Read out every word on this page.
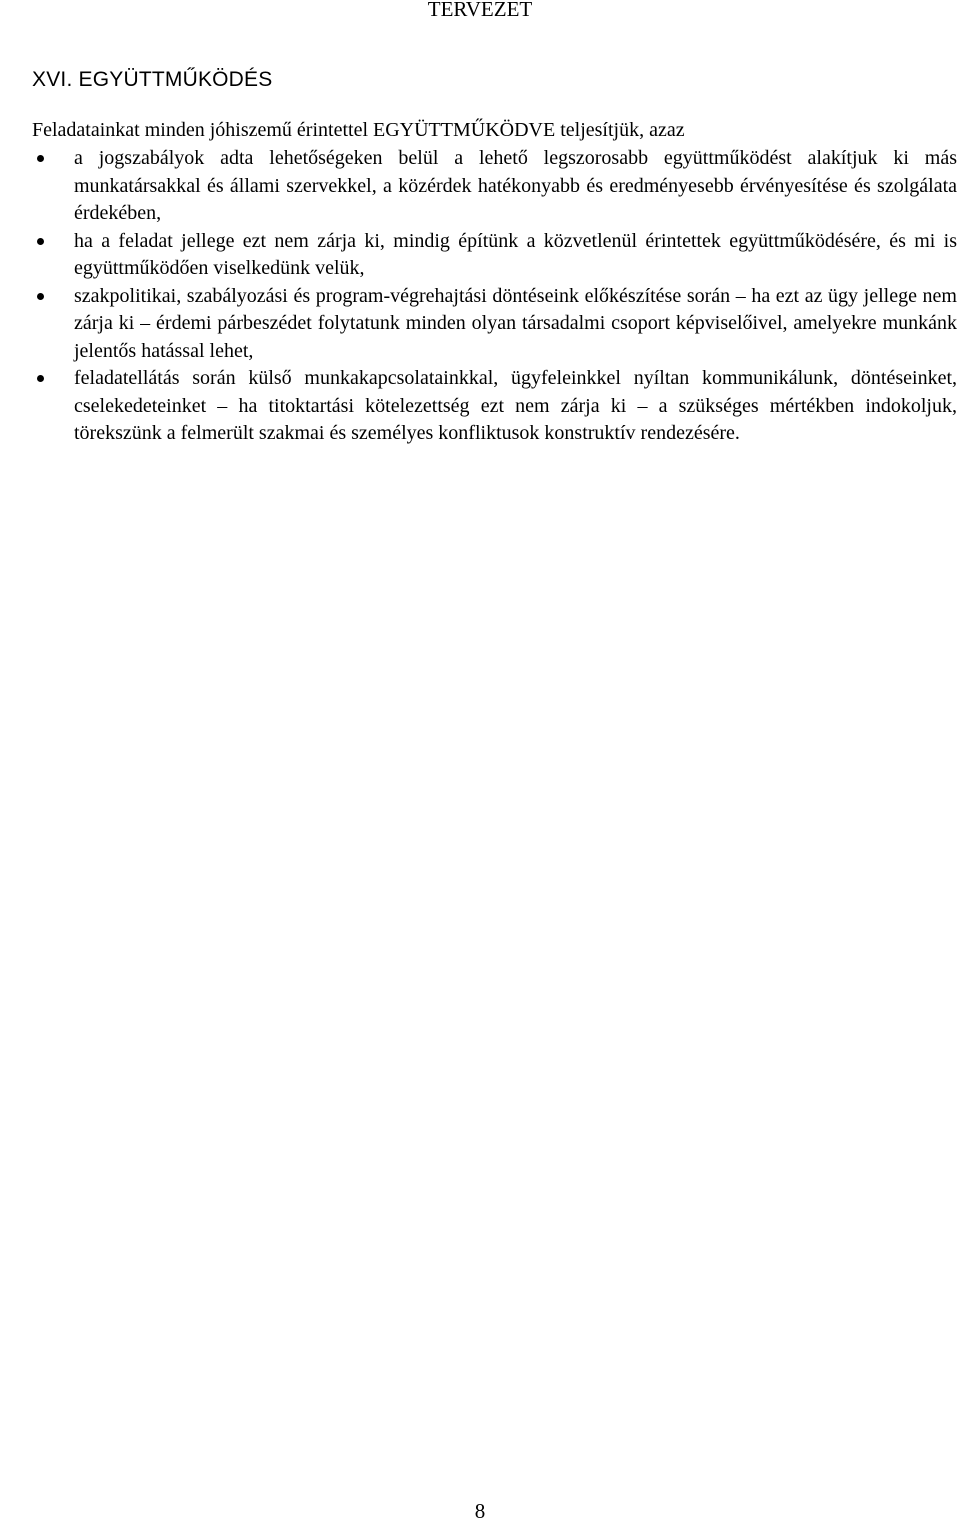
TERVEZET
XVI. EGYÜTTMŰKÖDÉS
Feladatainkat minden jóhiszemű érintettel EGYÜTTMŰKÖDVE teljesítjük, azaz
a jogszabályok adta lehetőségeken belül a lehető legszorosabb együttműködést alakítjuk ki más munkatársakkal és állami szervekkel, a közérdek hatékonyabb és eredményesebb érvényesítése és szolgálata érdekében,
ha a feladat jellege ezt nem zárja ki, mindig építünk a közvetlenül érintettek együttműködésére, és mi is együttműködően viselkedünk velük,
szakpolitikai, szabályozási és program-végrehajtási döntéseink előkészítése során – ha ezt az ügy jellege nem zárja ki – érdemi párbeszédet folytatunk minden olyan társadalmi csoport képviselőivel, amelyekre munkánk jelentős hatással lehet,
feladatellátás során külső munkakapcsolatainkkal, ügyfeleinkkel nyíltan kommunikálunk, döntéseinket, cselekedeteinket – ha titoktartási kötelezettség ezt nem zárja ki – a szükséges mértékben indokoljuk, törekszünk a felmerült szakmai és személyes konfliktusok konstruktív rendezésére.
8
